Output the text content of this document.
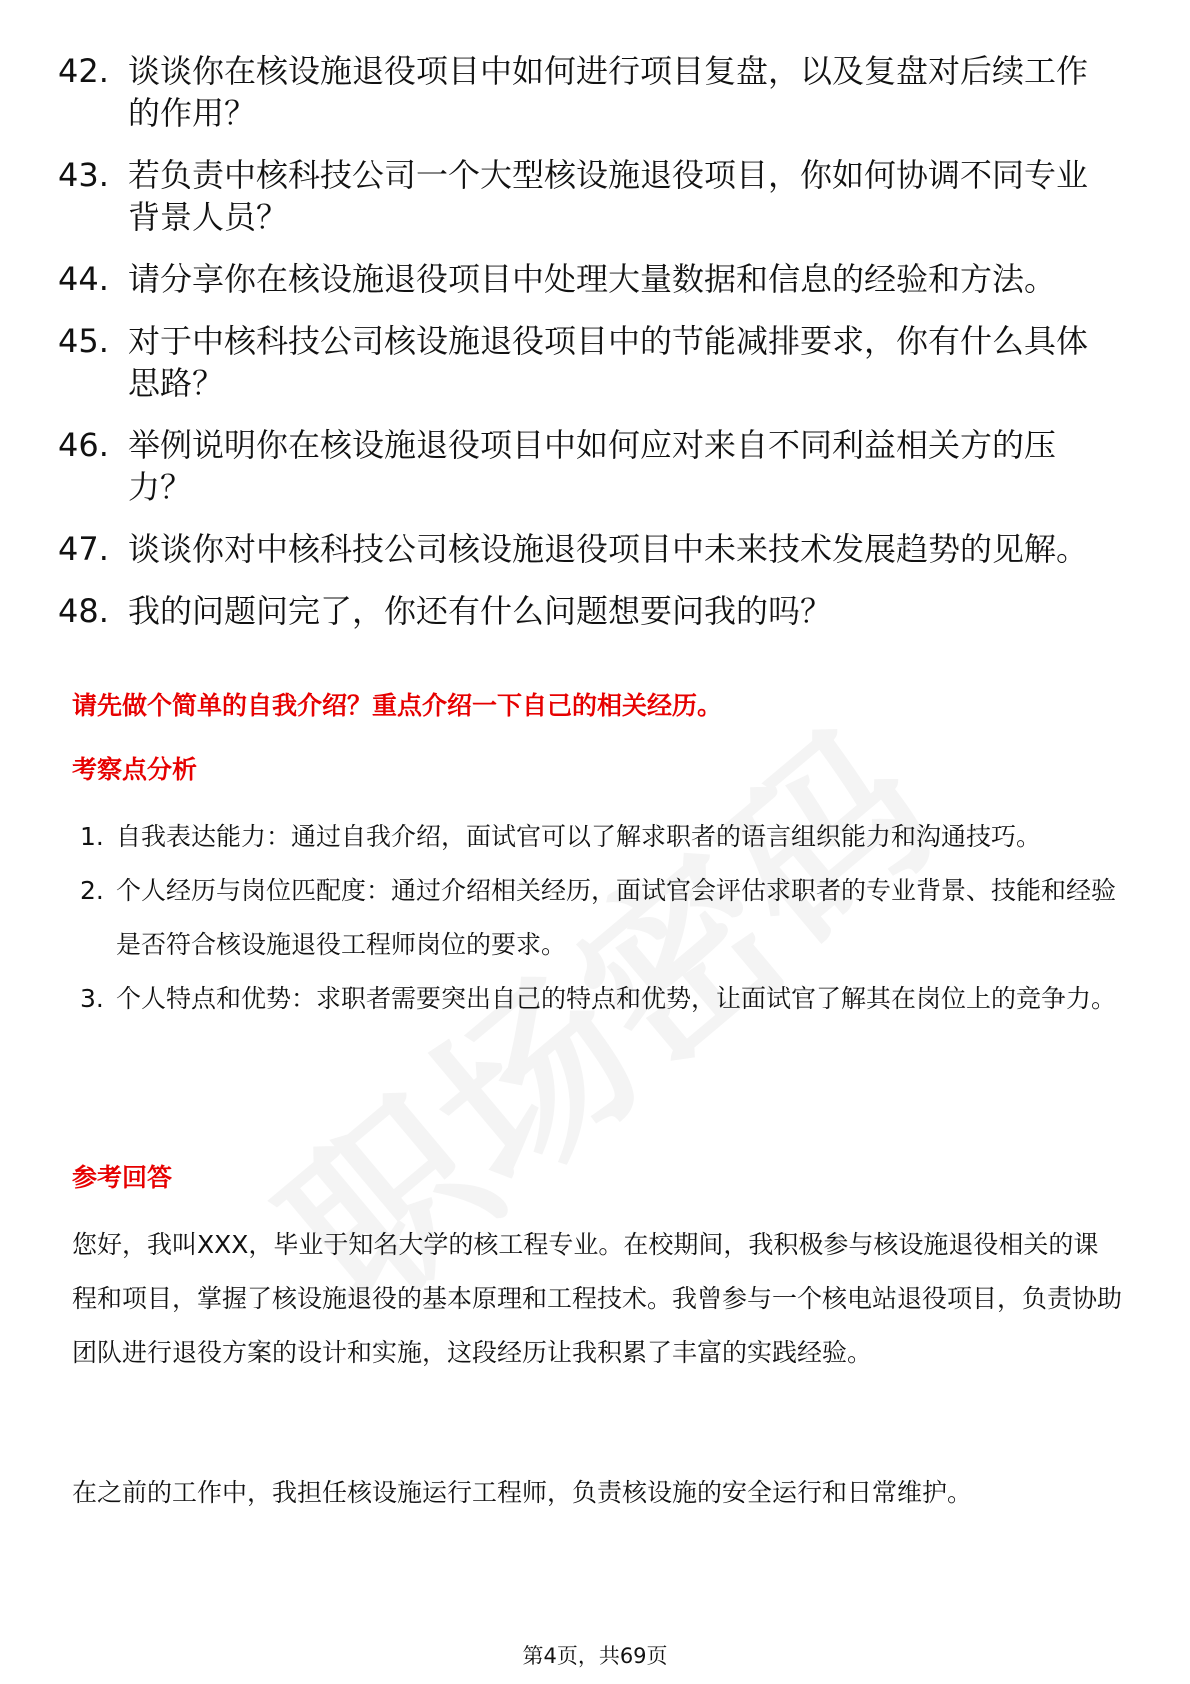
42. 谈谈你在核设施退役项目中如何进行项目复盘，以及复盘对后续工作的作用？
43. 若负责中核科技公司一个大型核设施退役项目，你如何协调不同专业背景人员？
44. 请分享你在核设施退役项目中处理大量数据和信息的经验和方法。
45. 对于中核科技公司核设施退役项目中的节能减排要求，你有什么具体思路？
46. 举例说明你在核设施退役项目中如何应对来自不同利益相关方的压力？
47. 谈谈你对中核科技公司核设施退役项目中未来技术发展趋势的见解。
48. 我的问题问完了，你还有什么问题想要问我的吗？
请先做个简单的自我介绍？重点介绍一下自己的相关经历。
考察点分析
1. 自我表达能力：通过自我介绍，面试官可以了解求职者的语言组织能力和沟通技巧。
2. 个人经历与岗位匹配度：通过介绍相关经历，面试官会评估求职者的专业背景、技能和经验是否符合核设施退役工程师岗位的要求。
3. 个人特点和优势：求职者需要突出自己的特点和优势，让面试官了解其在岗位上的竞争力。
参考回答
您好，我叫XXX，毕业于知名大学的核工程专业。在校期间，我积极参与核设施退役相关的课程和项目，掌握了核设施退役的基本原理和工程技术。我曾参与一个核电站退役项目，负责协助团队进行退役方案的设计和实施，这段经历让我积累了丰富的实践经验。
在之前的工作中，我担任核设施运行工程师，负责核设施的安全运行和日常维护。
第4页，共69页
